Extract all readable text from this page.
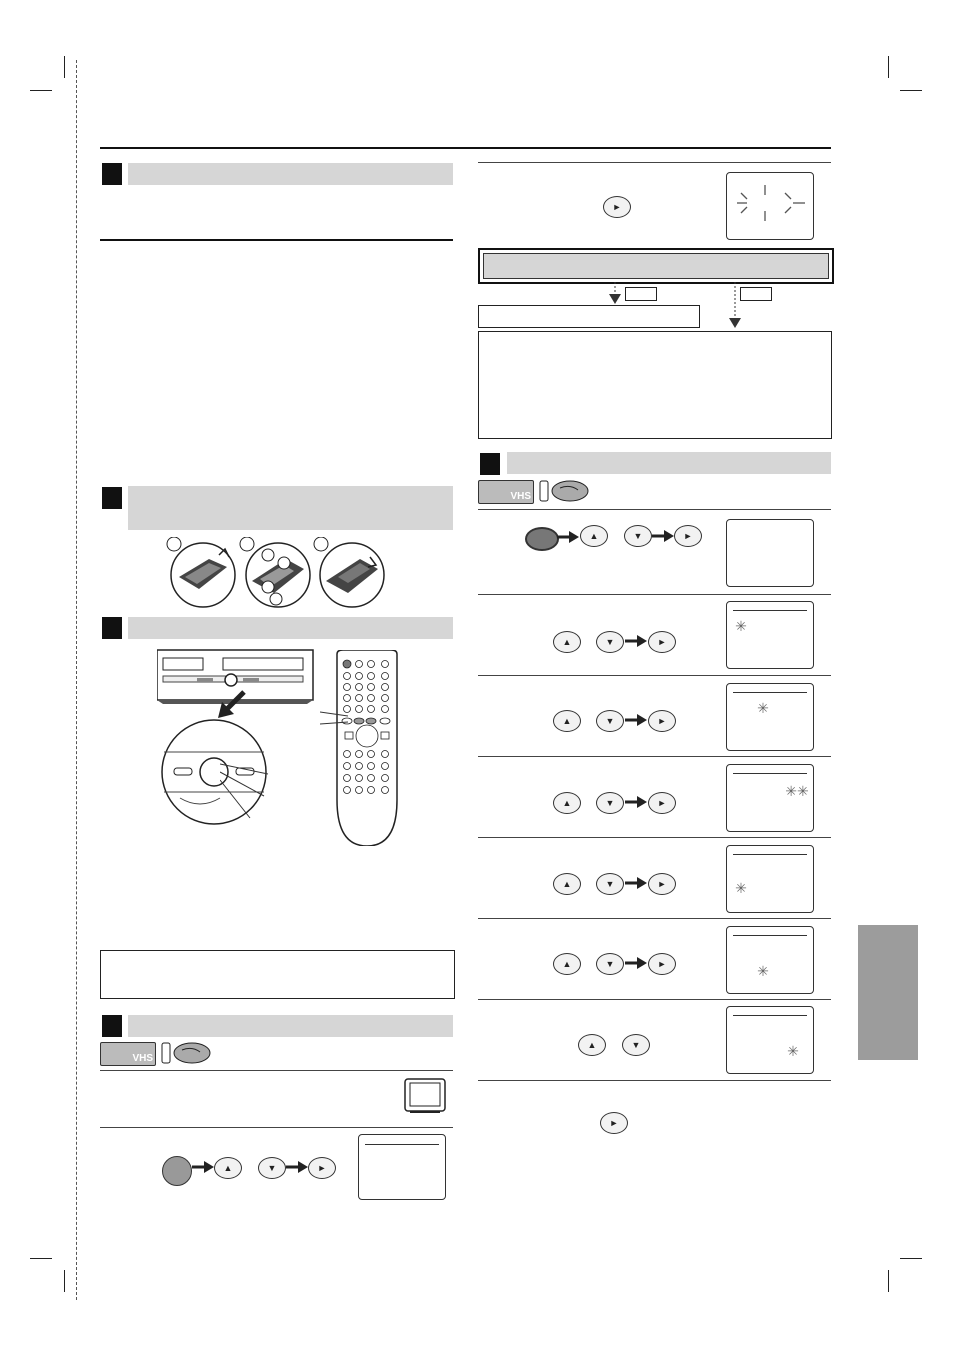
VHS
▲	▼	►
►
VHS
▲	▼	►
▲	▼	►
✳
▲	▼	►
✳
▲	▼	►
✳✳
▲	▼	►	✳
▲	▼	►	✳
▲	▼	✳
►
